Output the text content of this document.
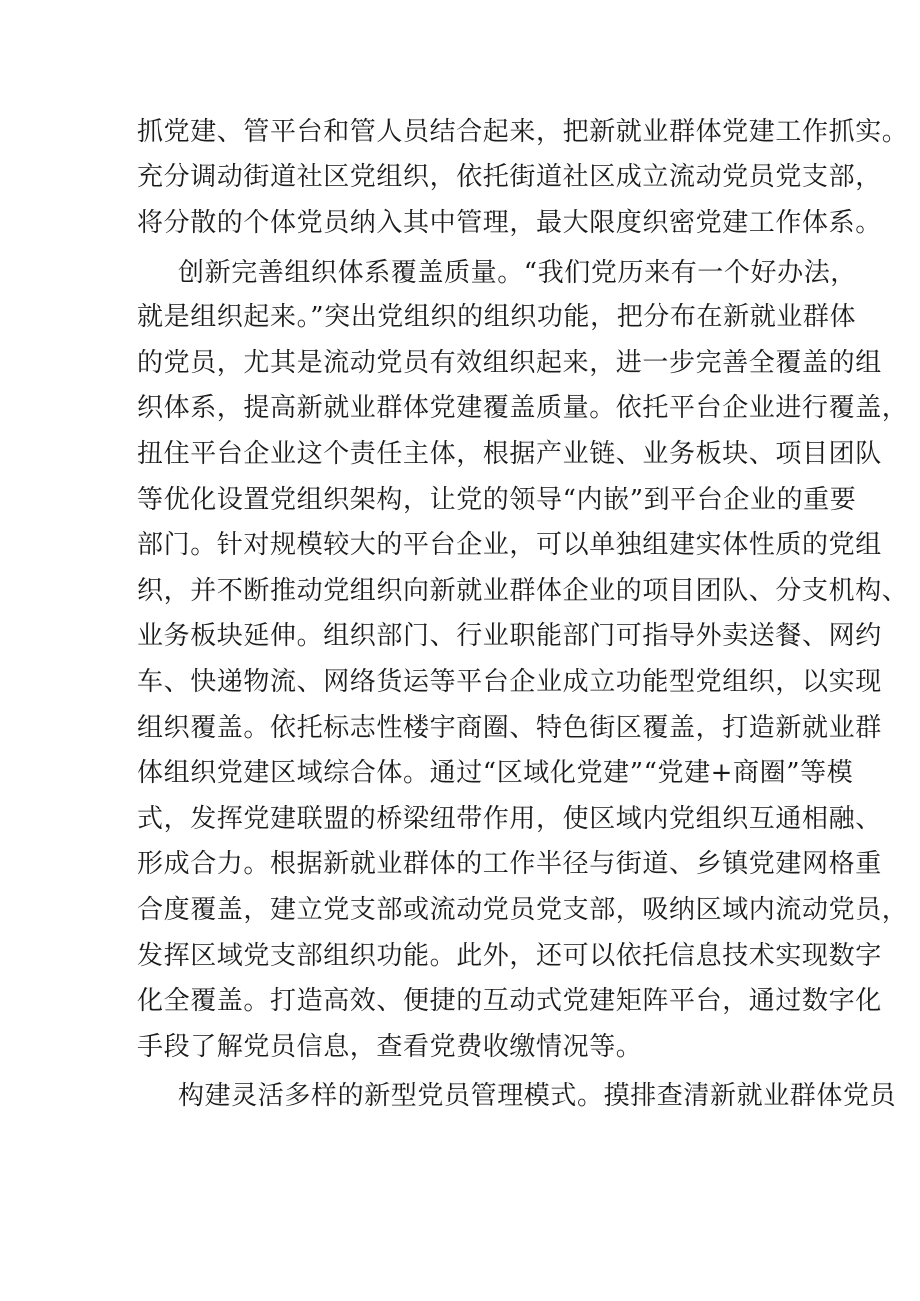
抓党建、管平台和管人员结合起来，把新就业群体党建工作抓实。
充分调动街道社区党组织，依托街道社区成立流动党员党支部，
将分散的个体党员纳入其中管理，最大限度织密党建工作体系。
创新完善组织体系覆盖质量。“我们党历来有一个好办法，
就是组织起来。”突出党组织的组织功能，把分布在新就业群体
的党员，尤其是流动党员有效组织起来，进一步完善全覆盖的组
织体系，提高新就业群体党建覆盖质量。依托平台企业进行覆盖，
扭住平台企业这个责任主体，根据产业链、业务板块、项目团队
等优化设置党组织架构，让党的领导“内嵌”到平台企业的重要
部门。针对规模较大的平台企业，可以单独组建实体性质的党组
织，并不断推动党组织向新就业群体企业的项目团队、分支机构、
业务板块延伸。组织部门、行业职能部门可指导外卖送餐、网约
车、快递物流、网络货运等平台企业成立功能型党组织，以实现
组织覆盖。依托标志性楼宇商圈、特色街区覆盖，打造新就业群
体组织党建区域综合体。通过“区域化党建”“党建+商圈”等模
式，发挥党建联盟的桥梁纽带作用，使区域内党组织互通相融、
形成合力。根据新就业群体的工作半径与街道、乡镇党建网格重
合度覆盖，建立党支部或流动党员党支部，吸纳区域内流动党员，
发挥区域党支部组织功能。此外，还可以依托信息技术实现数字
化全覆盖。打造高效、便捷的互动式党建矩阵平台，通过数字化
手段了解党员信息，查看党费收缴情况等。
构建灵活多样的新型党员管理模式。摸排查清新就业群体党员
